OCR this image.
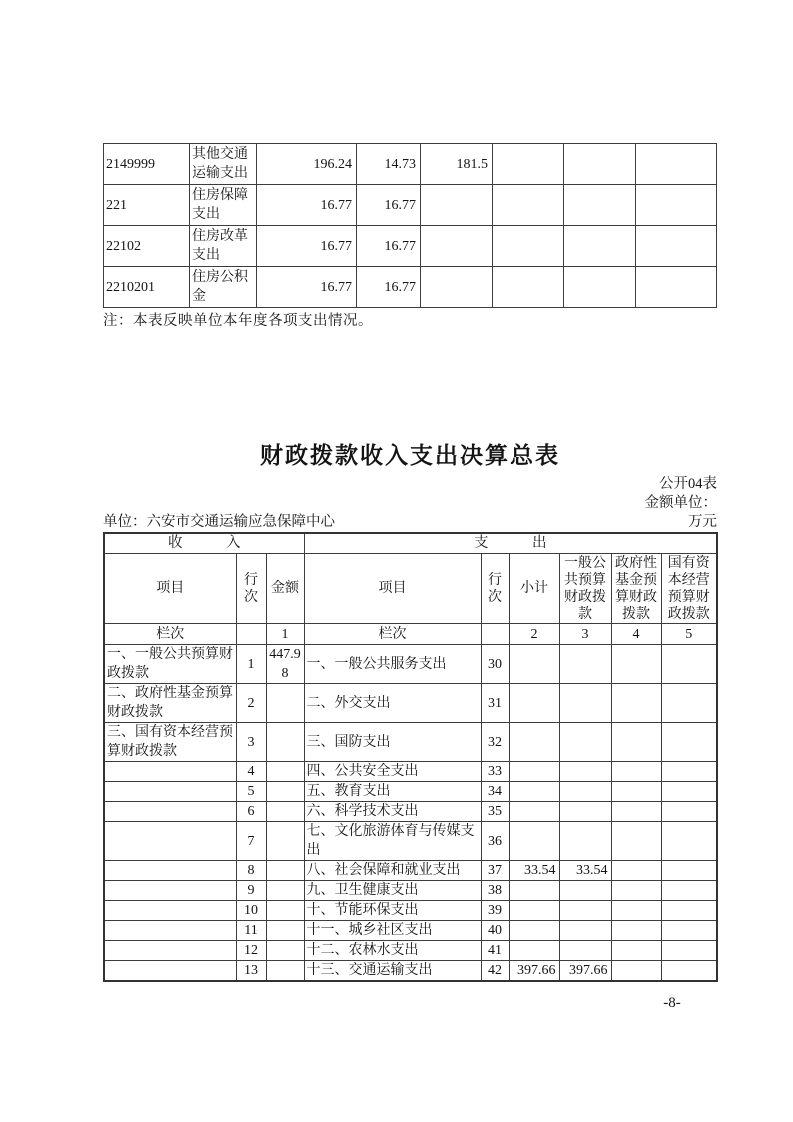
2149999	其他交通运输支出	196.24	14.73	181.5			
221	住房保障支出	16.77	16.77				
22102	住房改革支出	16.77	16.77				
2210201	住房公积金	16.77	16.77				
注：本表反映单位本年度各项支出情况。
财政拨款收入支出决算总表
公开04表
金额单位：
单位：六安市交通运输应急保障中心	万元
收　　　入			支　　　出					
项目	行次	金额	项目	行次	小计	一般公共预算财政拨款	政府性基金预算财政拨款	国有资本经营预算财政拨款
栏次		1	栏次		2	3	4	5
一、一般公共预算财政拨款	1	447.98	一、一般公共服务支出	30				
二、政府性基金预算财政拨款	2		二、外交支出	31				
三、国有资本经营预算财政拨款	3		三、国防支出	32				
	4		四、公共安全支出	33				
	5		五、教育支出	34				
	6		六、科学技术支出	35				
	7		七、文化旅游体育与传媒支出	36				
	8		八、社会保障和就业支出	37	33.54	33.54		
	9		九、卫生健康支出	38				
	10		十、节能环保支出	39				
	11		十一、城乡社区支出	40				
	12		十二、农林水支出	41				
	13		十三、交通运输支出	42	397.66	397.66		
-8-
